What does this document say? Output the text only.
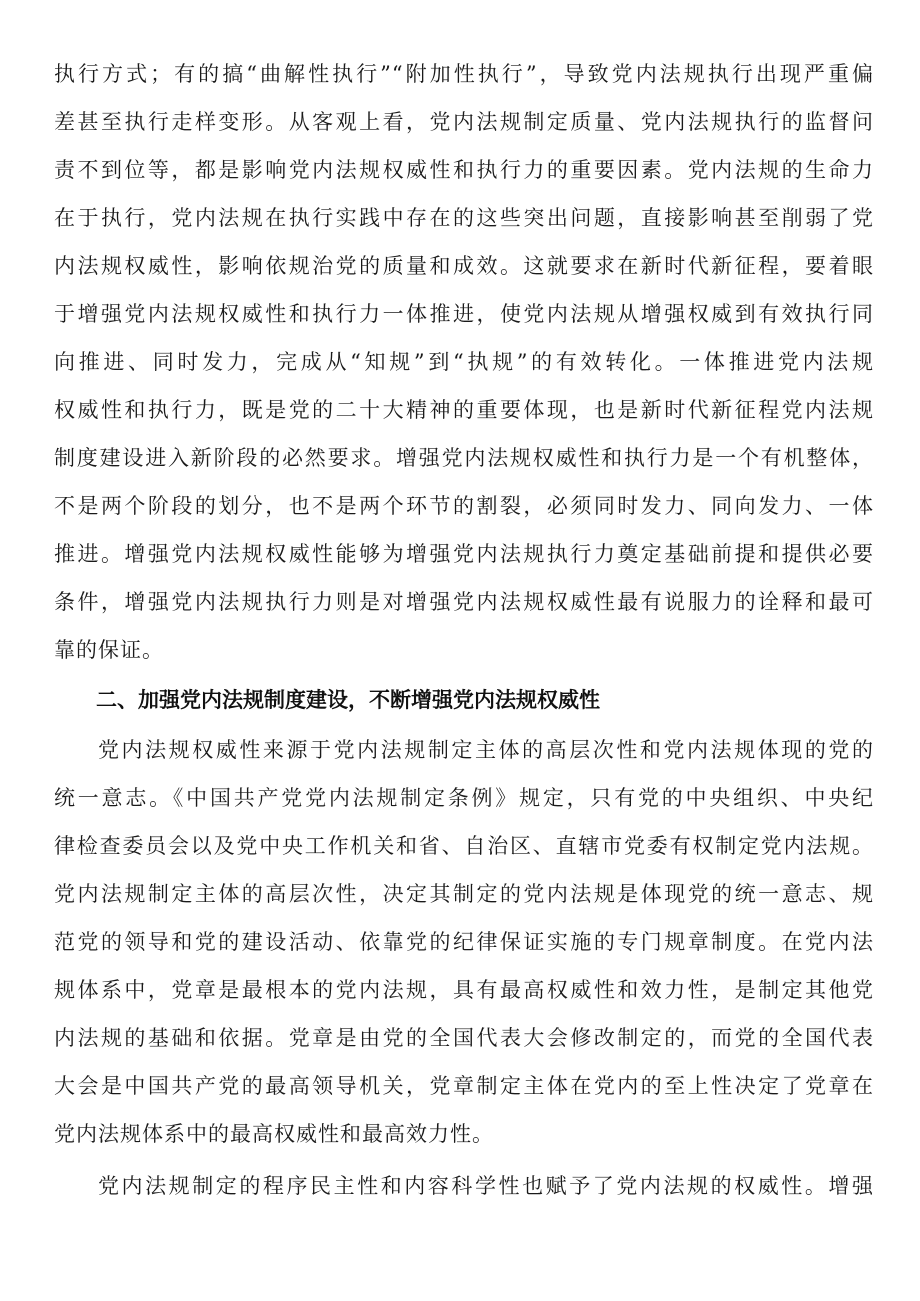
执行方式；有的搞“曲解性执行”“附加性执行”，导致党内法规执行出现严重偏
差甚至执行走样变形。从客观上看，党内法规制定质量、党内法规执行的监督问
责不到位等，都是影响党内法规权威性和执行力的重要因素。党内法规的生命力
在于执行，党内法规在执行实践中存在的这些突出问题，直接影响甚至削弱了党
内法规权威性，影响依规治党的质量和成效。这就要求在新时代新征程，要着眼
于增强党内法规权威性和执行力一体推进，使党内法规从增强权威到有效执行同
向推进、同时发力，完成从“知规”到“执规”的有效转化。一体推进党内法规
权威性和执行力，既是党的二十大精神的重要体现，也是新时代新征程党内法规
制度建设进入新阶段的必然要求。增强党内法规权威性和执行力是一个有机整体，
不是两个阶段的划分，也不是两个环节的割裂，必须同时发力、同向发力、一体
推进。增强党内法规权威性能够为增强党内法规执行力奠定基础前提和提供必要
条件，增强党内法规执行力则是对增强党内法规权威性最有说服力的诠释和最可
靠的保证。
二、加强党内法规制度建设，不断增强党内法规权威性
党内法规权威性来源于党内法规制定主体的高层次性和党内法规体现的党的
统一意志。《中国共产党党内法规制定条例》规定，只有党的中央组织、中央纪
律检查委员会以及党中央工作机关和省、自治区、直辖市党委有权制定党内法规。
党内法规制定主体的高层次性，决定其制定的党内法规是体现党的统一意志、规
范党的领导和党的建设活动、依靠党的纪律保证实施的专门规章制度。在党内法
规体系中，党章是最根本的党内法规，具有最高权威性和效力性，是制定其他党
内法规的基础和依据。党章是由党的全国代表大会修改制定的，而党的全国代表
大会是中国共产党的最高领导机关，党章制定主体在党内的至上性决定了党章在
党内法规体系中的最高权威性和最高效力性。
党内法规制定的程序民主性和内容科学性也赋予了党内法规的权威性。增强
